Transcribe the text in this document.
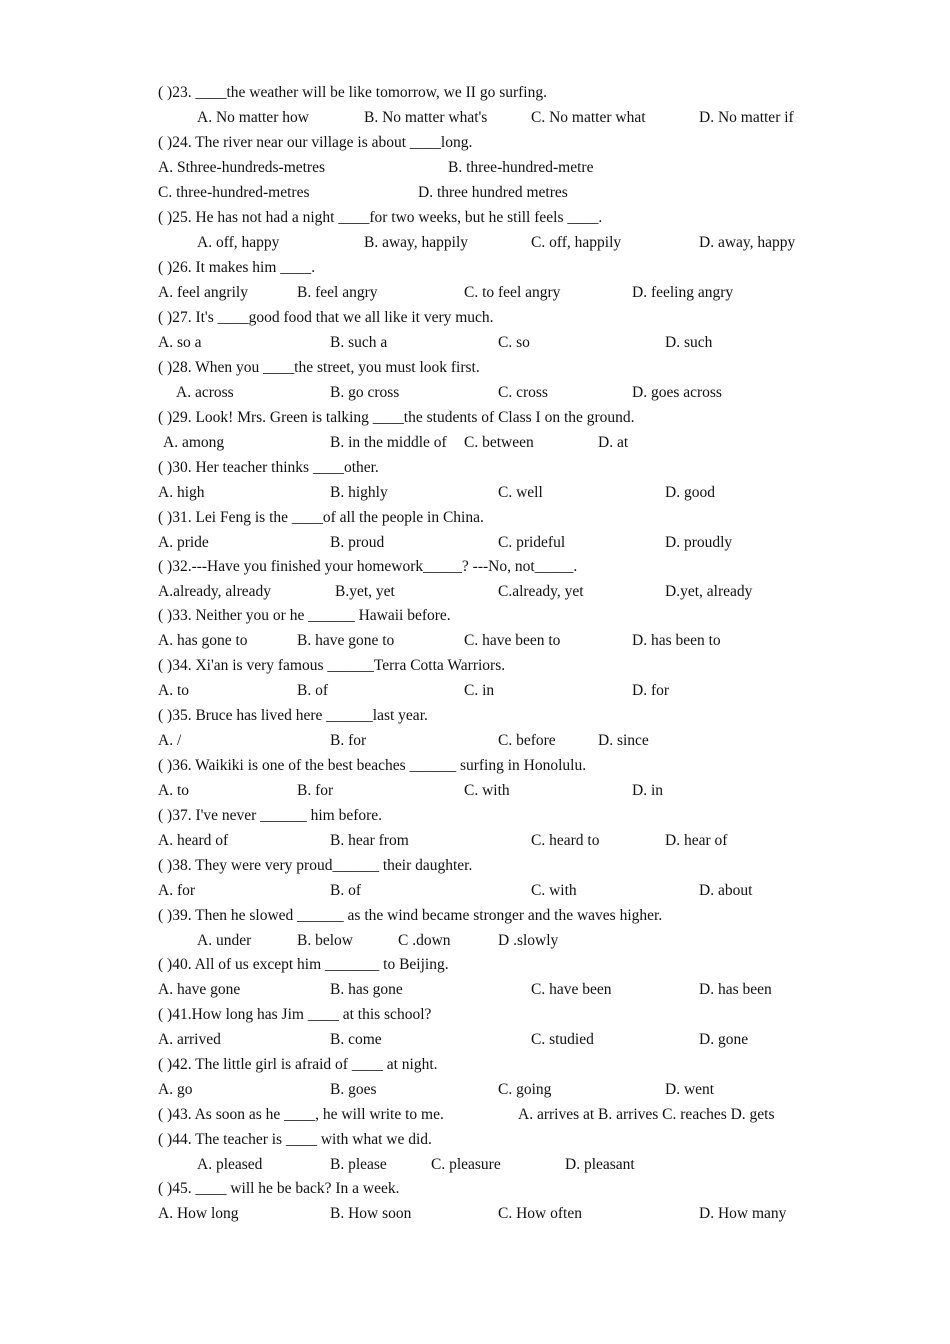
( )23. ____the weather will be like tomorrow, we II go surfing.
A. No matter how	B. No matter what's	C. No matter what	D. No matter if
( )24. The river near our village is about ____long.
A. Sthree-hundreds-metres	B. three-hundred-metre
C. three-hundred-metres	D. three hundred metres
( )25. He has not had a night ____for two weeks, but he still feels ____.
A. off, happy	B. away, happily	C. off, happily	D. away, happy
( )26. It makes him ____.
A. feel angrily	B. feel angry	C. to feel angry	D. feeling angry
( )27. It's ____good food that we all like it very much.
A. so a	B. such a	C. so	D. such
( )28. When you ____the street, you must look first.
A. across	B. go cross	C. cross	D. goes across
( )29. Look! Mrs. Green is talking ____the students of Class I on the ground.
A. among	B. in the middle of C. between	D. at
( )30. Her teacher thinks ____other.
A. high	B. highly	C. well	D. good
( )31. Lei Feng is the ____of all the people in China.
A. pride	B. proud	C. prideful	D. proudly
( )32.---Have you finished your homework_____? ---No, not_____.
A.already, already	B.yet, yet	C.already, yet	D.yet, already
( )33. Neither you or he ______ Hawaii before.
A. has gone to	B. have gone to	C. have been to	D. has been to
( )34. Xi'an is very famous ______Terra Cotta Warriors.
A. to	B. of	C. in	D. for
( )35. Bruce has lived here ______last year.
A. /	B. for	C. before	D. since
( )36. Waikiki is one of the best beaches ______ surfing in Honolulu.
A. to	B. for	C. with	D. in
( )37. I've never ______ him before.
A. heard of	B. hear from	C. heard to	D. hear of
( )38. They were very proud______ their daughter.
A. for	B. of	C. with	D. about
( )39. Then he slowed ______ as the wind became stronger and the waves higher.
A. under	B. below	C .down	D .slowly
( )40. All of us except him _______ to Beijing.
A. have gone	B. has gone	C. have been	D. has been
( )41.How long has Jim ____ at this school?
A. arrived	B. come	C. studied	D. gone
( )42. The little girl is afraid of ____ at night.
A. go	B. goes	C. going	D. went
( )43. As soon as he ____, he will write to me.	A. arrives at B. arrives C. reaches D. gets
( )44. The teacher is ____ with what we did.
A. pleased	B. please	C. pleasure	D. pleasant
( )45. ____ will he be back? In a week.
A. How long	B. How soon	C. How often	D. How many
